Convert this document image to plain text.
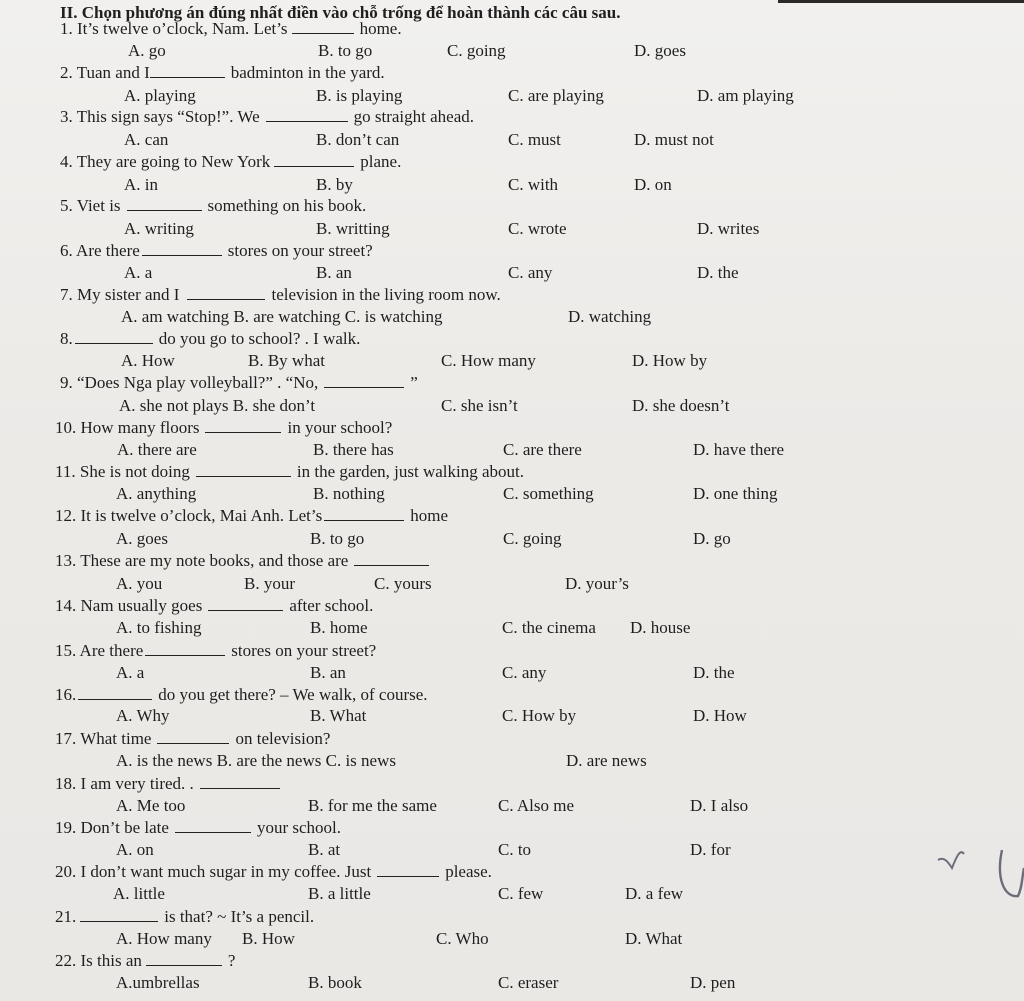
II. Chọn phương án đúng nhất điền vào chỗ trống để hoàn thành các câu sau.
1. It’s twelve o’clock, Nam. Let’s	home.
A. go	B. to go	C. going	D. goes
2. Tuan and I	badminton in the yard.
A. playing	B. is playing	C. are playing	D. am playing
3. This sign says “Stop!”. We	go straight ahead.
A. can	B. don’t can	C. must	D. must not
4. They are going to New York	plane.
A. in	B. by	C. with	D. on
5. Viet is	something on his book.
A. writing	B. writting	C. wrote	D. writes
6. Are there	stores on your street?
A. a	B. an	C. any	D. the
7. My sister and I	television in the living room now.
A. am watching B. are watching C. is watching	D. watching
8.	do you go to school? . I walk.
A. How	B. By what	C. How many	D. How by
9. “Does Nga play volleyball?” . “No,	”
A. she not plays B. she don’t	C. she isn’t	D. she doesn’t
10. How many floors	in your school?
A. there are	B. there has	C. are there	D. have there
11. She is not doing	in the garden, just walking about.
A. anything	B. nothing	C. something	D. one thing
12. It is twelve o’clock, Mai Anh. Let’s	home
A. goes	B. to go	C. going	D. go
13. These are my note books, and those are
A. you	B. your	C. yours	D. your’s
14. Nam usually goes	after school.
A. to fishing	B. home	C. the cinema D. house
15. Are there	stores on your street?
A. a	B. an	C. any	D. the
16.	do you get there? – We walk, of course.
A. Why	B. What	C. How by	D. How
17. What time	on television?
A. is the news B. are the news C. is news	D. are news
18. I am very tired. .
A. Me too	B. for me the same	C. Also me	D. I also
19. Don’t be late	your school.
A. on	B. at	C. to	D. for
20. I don’t want much sugar in my coffee. Just	please.
A. little	B. a little	C. few	D. a few
21.	is that? ~ It’s a pencil.
A. How many B. How	C. Who	D. What
22. Is this an	?
A.umbrellas	B. book	C. eraser	D. pen
